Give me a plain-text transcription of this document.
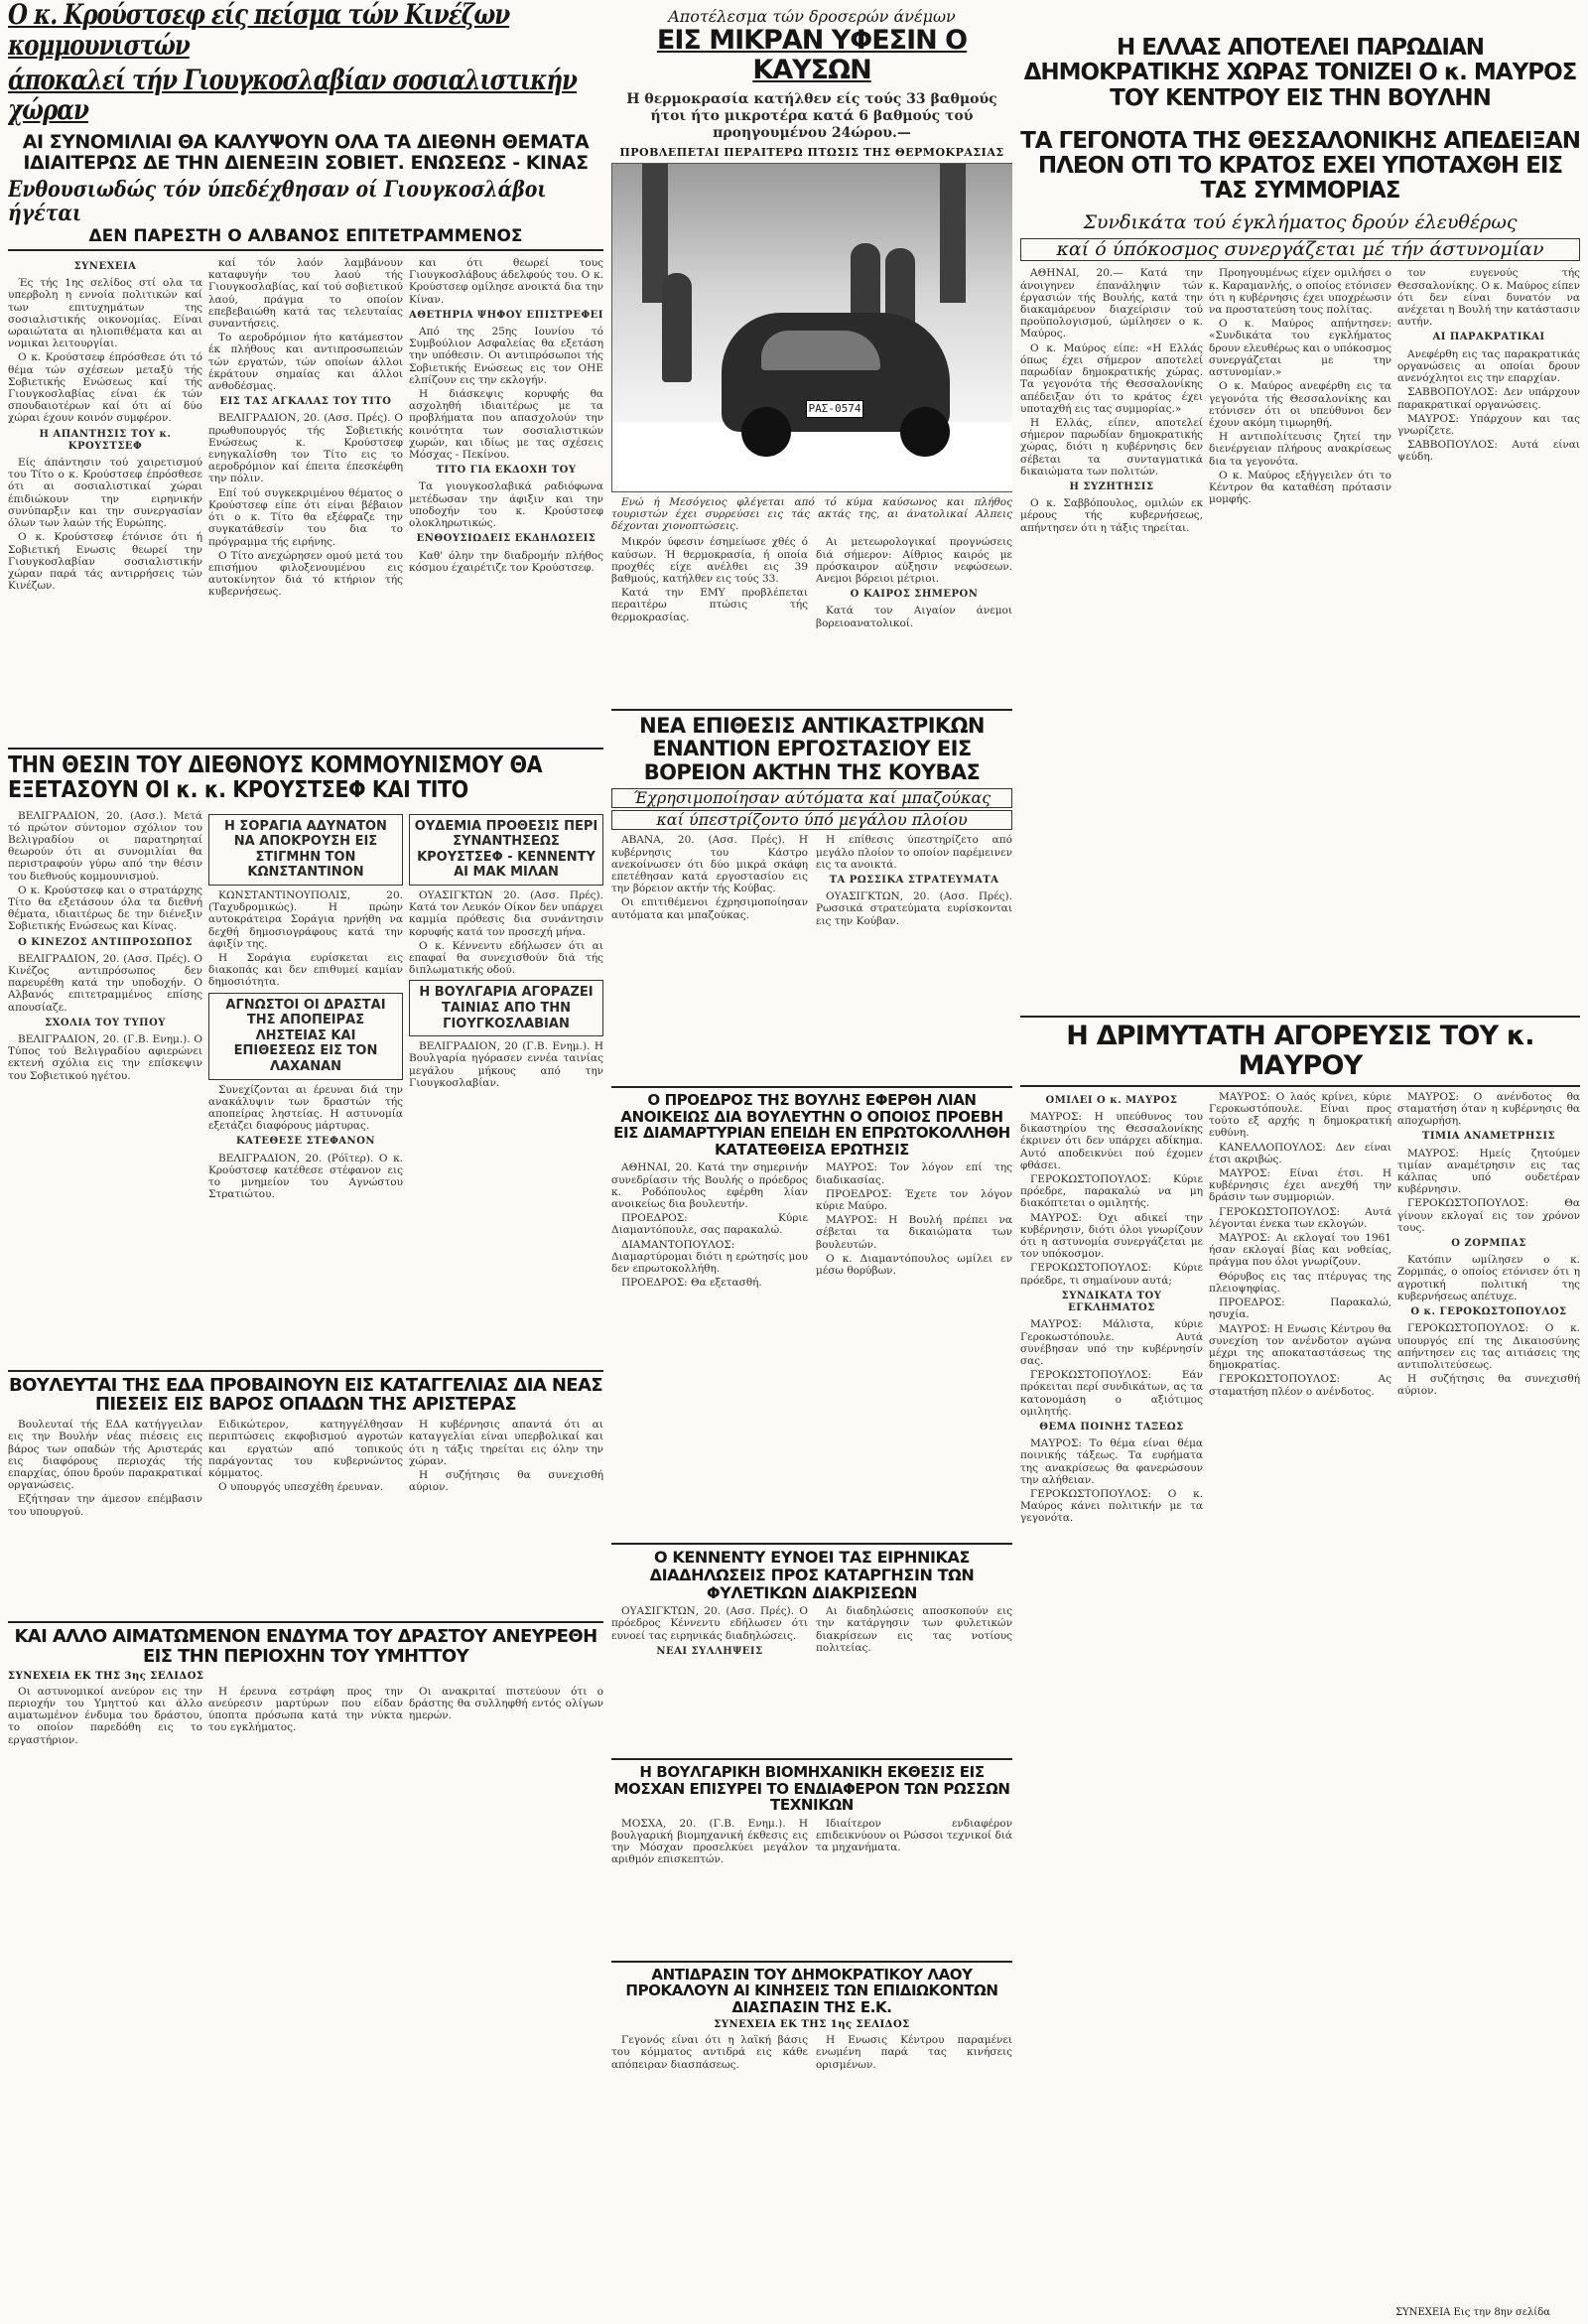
Ο κ. Κρούστσεφ είς πείσμα τών Κινέζων κομμουνιστών
άποκαλεί τήν Γιουγκοσλαβίαν σοσιαλιστικήν χώραν
ΑΙ ΣΥΝΟΜΙΛΙΑΙ ΘΑ ΚΑΛΥΨΟΥΝ ΟΛΑ ΤΑ ΔΙΕΘΝΗ ΘΕΜΑΤΑ ΙΔΙΑΙΤΕΡΩΣ ΔΕ ΤΗΝ ΔΙΕΝΕΞΙΝ ΣΟΒΙΕΤ. ΕΝΩΣΕΩΣ - ΚΙΝΑΣ
Ενθουσιωδώς τόν ύπεδέχθησαν οί Γιουγκοσλάβοι ήγέται
ΔΕΝ ΠΑΡΕΣΤΗ Ο ΑΛΒΑΝΟΣ ΕΠΙΤΕΤΡΑΜΜΕΝΟΣ
ΣΥΝΕΧΕΙΑ

Ές τής 1ης σελίδος στί ολα τα υπερβολη η εννοία πολιτικών καί των επιτυχημάτων της σοσιαλιστικής οικονομίας. Είναι ωραιώτατα αι ηλιοπιθέματα και αι νομικαι λειτουργίαι.

Ο κ. Κρούστσεφ έπρόσθεσε ότι τό θέμα τών σχέσεων μεταξύ τής Σοβιετικής Ενώσεως καί τής Γιουγκοσλαβίας είναι έκ τών σπουδαιοτέρων καί ότι αί δύο χώραι έχουν κοινόν συμφέρον.

Η ΑΠΑΝΤΗΣΙΣ ΤΟΥ κ. ΚΡΟΥΣΤΣΕΦ

Είς άπάντησιν τού χαιρετισμού του Τίτο ο κ. Κρούστσεφ έπρόσθεσε ότι αι σοσιαλιστικαί χώραι έπιδιώκουν την ειρηνικήν συνύπαρξιν και την συνεργασίαν όλων των λαών τής Ευρώπης.

Ο κ. Κρούστσεφ έτόνισε ότι ή Σοβιετική Ενωσις θεωρεί την Γιουγκοσλαβίαν σοσιαλιστικήν χώραν παρά τάς αντιρρήσεις τών Κινέζων.

καί τόν λαόν λαμβάνουν καταφυγήν του λαού τής Γιουγκοσλαβίας, καί τού σοβιετικού λαού, πράγμα το οποίον επεβεβαιώθη κατά τας τελευταίας συναντήσεις.

Το αεροδρόμιον ήτο κατάμεστον έκ πλήθους και αντιπροσωπειών τών εργατών, τών οποίων άλλοι έκράτουν σημαίας και άλλοι ανθοδέσμας.

ΕΙΣ ΤΑΣ ΑΓΚΑΛΑΣ ΤΟΥ ΤΙΤΟ

ΒΕΛΙΓΡΑΔΙΟΝ, 20. (Ασσ. Πρές). Ο πρωθυπουργός τής Σοβιετικής Ενώσεως κ. Κρούστσεφ ενηγκαλίσθη τον Τίτο εις το αεροδρόμιον καί έπειτα έπεσκέφθη την πόλιν.

Επί τού συγκεκριμένου θέματος ο Κρούστσεφ είπε ότι είναι βέβαιον ότι ο κ. Τίτο θα εξέφραζε την συγκατάθεσίν του δια το πρόγραμμα τής ειρήνης.

Ο Τίτο ανεχώρησεν ομού μετά του επισήμου φιλοξενουμένου εις αυτοκίνητον διά τό κτήριον τής κυβερνήσεως.

και ότι θεωρεί τους Γιουγκοσλάβους άδελφούς του. Ο κ. Κρούστσεφ ομίλησε ανοικτά δια την Κίναν.

ΑΘΕΤΗΡΙΑ ΨΗΦΟΥ ΕΠΙΣΤΡΕΦΕΙ

Από της 25ης Ιουνίου τό Συμβούλιον Ασφαλείας θα εξετάση την υπόθεσιν. Οι αντιπρόσωποι τής Σοβιετικής Ενώσεως εις τον ΟΗΕ ελπίζουν εις την εκλογήν.

Η διάσκεψις κορυφής θα ασχοληθή ιδιαιτέρως με τα προβλήματα που απασχολούν την κοινότητα των σοσιαλιστικών χωρών, και ιδίως με τας σχέσεις Μόσχας - Πεκίνου.

ΤΙΤΟ ΓΙΑ ΕΚΔΟΧΗ ΤΟΥ

Τα γιουγκοσλαβικά ραδιόφωνα μετέδωσαν την άφιξιν και την υποδοχήν του κ. Κρούστσεφ ολοκληρωτικώς.

ΕΝΘΟΥΣΙΩΔΕΙΣ ΕΚΔΗΛΩΣΕΙΣ

Καθ' όλην την διαδρομήν πλήθος κόσμου έχαιρέτιζε τον Κρούστσεφ.

ΤΗΝ ΘΕΣΙΝ ΤΟΥ ΔΙΕΘΝΟΥΣ ΚΟΜΜΟΥΝΙΣΜΟΥ ΘΑ ΕΞΕΤΑΣΟΥΝ ΟΙ κ. κ. ΚΡΟΥΣΤΣΕΦ ΚΑΙ ΤΙΤΟ

ΒΕΛΙΓΡΑΔΙΟΝ, 20. (Ασσ.). Μετά τό πρώτον σύντομον σχόλιον του Βελιγραδίου οι παρατηρηταί θεωρούν ότι αι συνομιλίαι θα περιστραφούν γύρω από την θέσιν του διεθνούς κομμουνισμού.

Ο κ. Κρούστσεφ και ο στρατάρχης Τίτο θα εξετάσουν όλα τα διεθνή θέματα, ιδιαιτέρως δε την διένεξιν Σοβιετικής Ενώσεως και Κίνας.

Ο ΚΙΝΕΖΟΣ ΑΝΤΙΠΡΟΣΩΠΟΣ

ΒΕΛΙΓΡΑΔΙΟΝ, 20. (Ασσ. Πρές). Ο Κινέζος αντιπρόσωπος δεν παρευρέθη κατά την υποδοχήν. Ο Αλβανός επιτετραμμένος επίσης απουσίαζε.

ΣΧΟΛΙΑ ΤΟΥ ΤΥΠΟΥ

ΒΕΛΙΓΡΑΔΙΟΝ, 20. (Γ.Β. Ενημ.). Ο Τύπος τού Βελιγραδίου αφιερώνει εκτενή σχόλια εις την επίσκεψιν του Σοβιετικού ηγέτου.

Η ΣΟΡΑΓΙΑ ΑΔΥΝΑΤΟΝ ΝΑ ΑΠΟΚΡΟΥΣΗ ΕΙΣ ΣΤΙΓΜΗΝ ΤΟΝ ΚΩΝΣΤΑΝΤΙΝΟΝ

ΚΩΝΣΤΑΝΤΙΝΟΥΠΟΛΙΣ, 20. (Ταχυδρομικώς). Η πρώην αυτοκράτειρα Σοράγια ηρνήθη να δεχθή δημοσιογράφους κατά την άφιξίν της.

Η Σοράγια ευρίσκεται εις διακοπάς και δεν επιθυμεί καμίαν δημοσιότητα.

ΑΓΝΩΣΤΟΙ ΟΙ ΔΡΑΣΤΑΙ ΤΗΣ ΑΠΟΠΕΙΡΑΣ ΛΗΣΤΕΙΑΣ ΚΑΙ ΕΠΙΘΕΣΕΩΣ ΕΙΣ ΤΟΝ ΛΑΧΑΝΑΝ

Συνεχίζονται αι έρευναι διά την ανακάλυψιν των δραστών τής αποπείρας ληστείας. Η αστυνομία εξετάζει διαφόρους μάρτυρας.

ΚΑΤΕΘΕΣΕ ΣΤΕΦΑΝΟΝ

ΒΕΛΙΓΡΑΔΙΟΝ, 20. (Ρόϊτερ). Ο κ. Κρούστσεφ κατέθεσε στέφανον εις το μνημείον του Αγνώστου Στρατιώτου.

ΟΥΔΕΜΙΑ ΠΡΟΘΕΣΙΣ ΠΕΡΙ ΣΥΝΑΝΤΗΣΕΩΣ ΚΡΟΥΣΤΣΕΦ - ΚΕΝΝΕΝΤΥ ΑΙ ΜΑΚ ΜΙΛΑΝ

ΟΥΑΣΙΓΚΤΩΝ 20. (Ασσ. Πρές). Κατά τον Λευκόν Οίκον δεν υπάρχει καμμία πρόθεσις δια συνάντησιν κορυφής κατά τον προσεχή μήνα.

Ο κ. Κέννεντυ εδήλωσεν ότι αι επαφαί θα συνεχισθούν διά τής διπλωματικής οδού.

Η ΒΟΥΛΓΑΡΙΑ ΑΓΟΡΑΖΕΙ ΤΑΙΝΙΑΣ ΑΠΟ ΤΗΝ ΓΙΟΥΓΚΟΣΛΑΒΙΑΝ

ΒΕΛΙΓΡΑΔΙΟΝ, 20 (Γ.Β. Ενημ.). Η Βουλγαρία ηγόρασεν εννέα ταινίας μεγάλου μήκους από την Γιουγκοσλαβίαν.

ΒΟΥΛΕΥΤΑΙ ΤΗΣ ΕΔΑ ΠΡΟΒΑΙΝΟΥΝ ΕΙΣ ΚΑΤΑΓΓΕΛΙΑΣ ΔΙΑ ΝΕΑΣ ΠΙΕΣΕΙΣ ΕΙΣ ΒΑΡΟΣ ΟΠΑΔΩΝ ΤΗΣ ΑΡΙΣΤΕΡΑΣ

Βουλευταί τής ΕΔΑ κατήγγειλαν εις την Βουλήν νέας πιέσεις εις βάρος των οπαδών τής Αριστεράς εις διαφόρους περιοχάς τής επαρχίας, όπου δρούν παρακρατικαί οργανώσεις.

Εζήτησαν την άμεσον επέμβασιν του υπουργού.

Ειδικώτερον, κατηγγέλθησαν περιπτώσεις εκφοβισμού αγροτών και εργατών από τοπικούς παράγοντας του κυβερνώντος κόμματος.

Ο υπουργός υπεσχέθη έρευναν.

Η κυβέρνησις απαντά ότι αι καταγγελίαι είναι υπερβολικαί και ότι η τάξις τηρείται εις όλην την χώραν.

Η συζήτησις θα συνεχισθή αύριον.

ΚΑΙ ΑΛΛΟ ΑΙΜΑΤΩΜΕΝΟΝ ΕΝΔΥΜΑ ΤΟΥ ΔΡΑΣΤΟΥ ΑΝΕΥΡΕΘΗ ΕΙΣ ΤΗΝ ΠΕΡΙΟΧΗΝ ΤΟΥ ΥΜΗΤΤΟΥ
ΣΥΝΕΧΕΙΑ ΕΚ ΤΗΣ 3ης ΣΕΛΙΔΟΣ

Οι αστυνομικοί ανεύρον εις την περιοχήν του Υμηττού και άλλο αιματωμένον ένδυμα του δράστου, το οποίον παρεδόθη εις το εργαστήριον.

Η έρευνα εστράφη προς την ανεύρεσιν μαρτύρων που είδαν ύποπτα πρόσωπα κατά την νύκτα του εγκλήματος.

Οι ανακριταί πιστεύουν ότι ο δράστης θα συλληφθή εντός ολίγων ημερών.

Αποτέλεσμα τών δροσερών άνέμων
ΕΙΣ ΜΙΚΡΑΝ ΥΦΕΣΙΝ Ο ΚΑΥΣΩΝ
Η θερμοκρασία κατήλθεν είς τούς 33 βαθμούς ήτοι ήτο μικροτέρα κατά 6 βαθμούς τού προηγουμένου 24ώρου.—
ΠΡΟΒΛΕΠΕΤΑΙ ΠΕΡΑΙΤΕΡΩ ΠΤΩΣΙΣ ΤΗΣ ΘΕΡΜΟΚΡΑΣΙΑΣ
ΡΑΣ-0574

Ενώ ή Μεσόγειος φλέγεται από τό κύμα καύσωνος και πλήθος τουριστών έχει συρρεύσει εις τάς ακτάς της, αι άνατολικαί Αλπεις δέχονται χιονοπτώσεις.

Μικρόν ύφεσιν έσημείωσε χθές ό καύσων. Ή θερμοκρασία, ή οποία προχθές είχε ανέλθει εις 39 βαθμούς, κατήλθεν εις τούς 33.

Κατά την ΕΜΥ προβλέπεται περαιτέρω πτώσις τής θερμοκρασίας.

Αι μετεωρολογικαί προγνώσεις διά σήμερον: Αίθριος καιρός με πρόσκαιρον αύξησιν νεφώσεων. Ανεμοι βόρειοι μέτριοι.

Ο ΚΑΙΡΟΣ ΣΗΜΕΡΟΝ

Κατά τον Αιγαίον άνεμοι βορειοανατολικοί.

ΝΕΑ ΕΠΙΘΕΣΙΣ ΑΝΤΙΚΑΣΤΡΙΚΩΝ ΕΝΑΝΤΙΟΝ ΕΡΓΟΣΤΑΣΙΟΥ ΕΙΣ ΒΟΡΕΙΟΝ ΑΚΤΗΝ ΤΗΣ ΚΟΥΒΑΣ
Έχρησιμοποίησαν αύτόματα καί μπαζούκας
καί ύπεστρίζοντο ύπό μεγάλου πλοίου

ΑΒΑΝΑ, 20. (Ασσ. Πρές). Η κυβέρνησις του Κάστρο ανεκοίνωσεν ότι δύο μικρά σκάφη επετέθησαν κατά εργοστασίου εις την βόρειον ακτήν τής Κούβας.

Οι επιτιθέμενοι έχρησιμοποίησαν αυτόματα και μπαζούκας.

Η επίθεσις ύπεστηρίζετο από μεγάλο πλοίον το οποίον παρέμεινεν εις τα ανοικτά.

ΤΑ ΡΩΣΣΙΚΑ ΣΤΡΑΤΕΥΜΑΤΑ

ΟΥΑΣΙΓΚΤΩΝ, 20. (Ασσ. Πρές). Ρωσσικά στρατεύματα ευρίσκονται εις την Κούβαν.

Ο ΠΡΟΕΔΡΟΣ ΤΗΣ ΒΟΥΛΗΣ ΕΦΕΡΘΗ ΛΙΑΝ ΑΝΟΙΚΕΙΩΣ ΔΙΑ ΒΟΥΛΕΥΤΗΝ Ο ΟΠΟΙΟΣ ΠΡΟΕΒΗ ΕΙΣ ΔΙΑΜΑΡΤΥΡΙΑΝ ΕΠΕΙΔΗ ΕΝ ΕΠΡΩΤΟΚΟΛΛΗΘΗ ΚΑΤΑΤΕΘΕΙΣΑ ΕΡΩΤΗΣΙΣ

ΑΘΗΝΑΙ, 20. Κατά την σημερινήν συνεδρίασιν τής Βουλής ο πρόεδρος κ. Ροδόπουλος εφέρθη λίαν ανοικείως δια βουλευτήν.

ΠΡΟΕΔΡΟΣ: Κύριε Διαμαντόπουλε, σας παρακαλώ.

ΔΙΑΜΑΝΤΟΠΟΥΛΟΣ: Διαμαρτύρομαι διότι η ερώτησίς μου δεν επρωτοκολλήθη.

ΠΡΟΕΔΡΟΣ: Θα εξετασθή.

ΜΑΥΡΟΣ: Τον λόγον επί της διαδικασίας.

ΠΡΟΕΔΡΟΣ: Έχετε τον λόγον κύριε Μαύρο.

ΜΑΥΡΟΣ: Η Βουλή πρέπει να σέβεται τα δικαιώματα των βουλευτών.

Ο κ. Διαμαντόπουλος ωμίλει εν μέσω θορύβων.

Ο ΚΕΝΝΕΝΤΥ ΕΥΝΟΕΙ ΤΑΣ ΕΙΡΗΝΙΚΑΣ ΔΙΑΔΗΛΩΣΕΙΣ ΠΡΟΣ ΚΑΤΑΡΓΗΣΙΝ ΤΩΝ ΦΥΛΕΤΙΚΩΝ ΔΙΑΚΡΙΣΕΩΝ

ΟΥΑΣΙΓΚΤΩΝ, 20. (Ασσ. Πρές). Ο πρόεδρος Κέννεντυ εδήλωσεν ότι ευνοεί τας ειρηνικάς διαδηλώσεις.

ΝΕΑΙ ΣΥΛΛΗΨΕΙΣ

Αι διαδηλώσεις αποσκοπούν εις την κατάργησιν των φυλετικών διακρίσεων εις τας νοτίους πολιτείας.

Η ΒΟΥΛΓΑΡΙΚΗ ΒΙΟΜΗΧΑΝΙΚΗ ΕΚΘΕΣΙΣ ΕΙΣ ΜΟΣΧΑΝ ΕΠΙΣΥΡΕΙ ΤΟ ΕΝΔΙΑΦΕΡΟΝ ΤΩΝ ΡΩΣΣΩΝ ΤΕΧΝΙΚΩΝ

ΜΟΣΧΑ, 20. (Γ.Β. Ενημ.). Η βουλγαρική βιομηχανική έκθεσις εις την Μόσχαν προσελκύει μεγάλον αριθμόν επισκεπτών.

Ιδιαίτερον ενδιαφέρον επιδεικνύουν οι Ρώσσοι τεχνικοί διά τα μηχανήματα.

ΑΝΤΙΔΡΑΣΙΝ ΤΟΥ ΔΗΜΟΚΡΑΤΙΚΟΥ ΛΑΟΥ ΠΡΟΚΑΛΟΥΝ ΑΙ ΚΙΝΗΣΕΙΣ ΤΩΝ ΕΠΙΔΙΩΚΟΝΤΩΝ ΔΙΑΣΠΑΣΙΝ ΤΗΣ Ε.Κ.
ΣΥΝΕΧΕΙΑ ΕΚ ΤΗΣ 1ης ΣΕΛΙΔΟΣ

Γεγονός είναι ότι η λαϊκή βάσις του κόμματος αντιδρά εις κάθε απόπειραν διασπάσεως.

Η Ενωσις Κέντρου παραμένει ενωμένη παρά τας κινήσεις ορισμένων.

Η ΕΛΛΑΣ ΑΠΟΤΕΛΕΙ ΠΑΡΩΔΙΑΝ ΔΗΜΟΚΡΑΤΙΚΗΣ ΧΩΡΑΣ ΤΟΝΙΖΕΙ Ο κ. ΜΑΥΡΟΣ ΤΟΥ ΚΕΝΤΡΟΥ ΕΙΣ ΤΗΝ ΒΟΥΛΗΝ
ΤΑ ΓΕΓΟΝΟΤΑ ΤΗΣ ΘΕΣΣΑΛΟΝΙΚΗΣ ΑΠΕΔΕΙΞΑΝ ΠΛΕΟΝ ΟΤΙ ΤΟ ΚΡΑΤΟΣ ΕΧΕΙ ΥΠΟΤΑΧΘΗ ΕΙΣ ΤΑΣ ΣΥΜΜΟΡΙΑΣ
Συνδικάτα τού έγκλήματος δρούν έλευθέρως
καί ό ύπόκοσμος συνεργάζεται μέ τήν άστυνομίαν

ΑΘΗΝΑΙ, 20.— Κατά την άνοιγηνεν έπανάληψιν τών έργασιών τής Βουλής, κατά την διακαμάρευον διαχείρισιν τού προϋπολογισμού, ώμίλησεν ο κ. Μαύρος.

Ο κ. Μαύρος είπε: «Η Ελλάς όπως έχει σήμερον αποτελεί παρωδίαν δημοκρατικής χώρας. Τα γεγονότα τής Θεσσαλονίκης απέδειξαν ότι το κράτος έχει υποταχθή εις τας συμμορίας.»

Η Ελλάς, είπεν, αποτελεί σήμερον παρωδίαν δημοκρατικής χώρας, διότι η κυβέρνησις δεν σέβεται τα συνταγματικά δικαιώματα των πολιτών.

Η ΣΥΖΗΤΗΣΙΣ

Ο κ. Σαββόπουλος, ομιλών εκ μέρους τής κυβερνήσεως, απήντησεν ότι η τάξις τηρείται.

Προηγουμένως είχεν ομιλήσει ο κ. Καραμανλής, ο οποίος ετόνισεν ότι η κυβέρνησις έχει υποχρέωσιν να προστατεύση τους πολίτας.

Ο κ. Μαύρος απήντησεν: «Συνδικάτα του εγκλήματος δρουν ελευθέρως και ο υπόκοσμος συνεργάζεται με την αστυνομίαν.»

Ο κ. Μαύρος ανεφέρθη εις τα γεγονότα τής Θεσσαλονίκης και ετόνισεν ότι οι υπεύθυνοι δεν έχουν ακόμη τιμωρηθή.

Η αντιπολίτευσις ζητεί την διενέργειαν πλήρους ανακρίσεως δια τα γεγονότα.

Ο κ. Μαύρος εξήγγειλεν ότι το Κέντρον θα καταθέση πρότασιν μομφής.

τον ευγενούς τής Θεσσαλονίκης. Ο κ. Μαύρος είπεν ότι δεν είναι δυνατόν να ανέχεται η Βουλή την κατάστασιν αυτήν.

ΑΙ ΠΑΡΑΚΡΑΤΙΚΑΙ

Ανεφέρθη εις τας παρακρατικάς οργανώσεις αι οποίαι δρουν ανενόχλητοι εις την επαρχίαν.

ΣΑΒΒΟΠΟΥΛΟΣ: Δεν υπάρχουν παρακρατικαί οργανώσεις.

ΜΑΥΡΟΣ: Υπάρχουν και τας γνωρίζετε.

ΣΑΒΒΟΠΟΥΛΟΣ: Αυτά είναι ψεύδη.

Η ΔΡΙΜΥΤΑΤΗ ΑΓΟΡΕΥΣΙΣ ΤΟΥ κ. ΜΑΥΡΟΥ
ΟΜΙΛΕΙ Ο κ. ΜΑΥΡΟΣ

ΜΑΥΡΟΣ: Η υπεύθυνος του δικαστηρίου της Θεσσαλονίκης έκρινεν ότι δεν υπάρχει αδίκημα. Αυτό αποδεικνύει πού έχομεν φθάσει.

ΓΕΡΟΚΩΣΤΟΠΟΥΛΟΣ: Κύριε πρόεδρε, παρακαλώ να μη διακόπτεται ο ομιλητής.

ΜΑΥΡΟΣ: Όχι αδικεί την κυβέρνησιν, διότι όλοι γνωρίζουν ότι η αστυνομία συνεργάζεται με τον υπόκοσμον.

ΓΕΡΟΚΩΣΤΟΠΟΥΛΟΣ: Κύριε πρόεδρε, τι σημαίνουν αυτά;

ΣΥΝΔΙΚΑΤΑ ΤΟΥ ΕΓΚΛΗΜΑΤΟΣ

ΜΑΥΡΟΣ: Μάλιστα, κύριε Γεροκωστόπουλε. Αυτά συνέβησαν υπό την κυβέρνησίν σας.

ΓΕΡΟΚΩΣΤΟΠΟΥΛΟΣ: Εάν πρόκειται περί συνδικάτων, ας τα κατονομάση ο αξιότιμος ομιλητής.

ΘΕΜΑ ΠΟΙΝΗΣ ΤΑΞΕΩΣ

ΜΑΥΡΟΣ: Το θέμα είναι θέμα ποινικής τάξεως. Τα ευρήματα της ανακρίσεως θα φανερώσουν την αλήθειαν.

ΓΕΡΟΚΩΣΤΟΠΟΥΛΟΣ: Ο κ. Μαύρος κάνει πολιτικήν με τα γεγονότα.

ΜΑΥΡΟΣ: Ο λαός κρίνει, κύριε Γεροκωστόπουλε. Είναι προς τούτο εξ αρχής η δημοκρατική ευθύνη.

ΚΑΝΕΛΛΟΠΟΥΛΟΣ: Δεν είναι έτσι ακριβώς.

ΜΑΥΡΟΣ: Είναι έτσι. Η κυβέρνησις έχει ανεχθή την δράσιν των συμμοριών.

ΓΕΡΟΚΩΣΤΟΠΟΥΛΟΣ: Αυτά λέγονται ένεκα των εκλογών.

ΜΑΥΡΟΣ: Αι εκλογαί του 1961 ήσαν εκλογαί βίας και νοθείας, πράγμα που όλοι γνωρίζουν.

Θόρυβος εις τας πτέρυγας της πλειοψηφίας.

ΠΡΟΕΔΡΟΣ: Παρακαλώ, ησυχία.

ΜΑΥΡΟΣ: Η Ενωσις Κέντρου θα συνεχίση τον ανένδοτον αγώνα μέχρι της αποκαταστάσεως της δημοκρατίας.

ΓΕΡΟΚΩΣΤΟΠΟΥΛΟΣ: Ας σταματήση πλέον ο ανένδοτος.

ΜΑΥΡΟΣ: Ο ανένδοτος θα σταματήση όταν η κυβέρνησις θα αποχωρήση.

ΤΙΜΙΑ ΑΝΑΜΕΤΡΗΣΙΣ

ΜΑΥΡΟΣ: Ημείς ζητούμεν τιμίαν αναμέτρησιν εις τας κάλπας υπό ουδετέραν κυβέρνησιν.

ΓΕΡΟΚΩΣΤΟΠΟΥΛΟΣ: Θα γίνουν εκλογαί εις τον χρόνον τους.

Ο ΖΟΡΜΠΑΣ

Κατόπιν ωμίλησεν ο κ. Ζορμπάς, ο οποίος ετόνισεν ότι η αγροτική πολιτική της κυβερνήσεως απέτυχε.

Ο κ. ΓΕΡΟΚΩΣΤΟΠΟΥΛΟΣ

ΓΕΡΟΚΩΣΤΟΠΟΥΛΟΣ: Ο κ. υπουργός επί της Δικαιοσύνης απήντησεν εις τας αιτιάσεις της αντιπολιτεύσεως.

Η συζήτησις θα συνεχισθή αύριον.

ΣΥΝΕΧΕΙΑ Εις την 8ην σελίδα
